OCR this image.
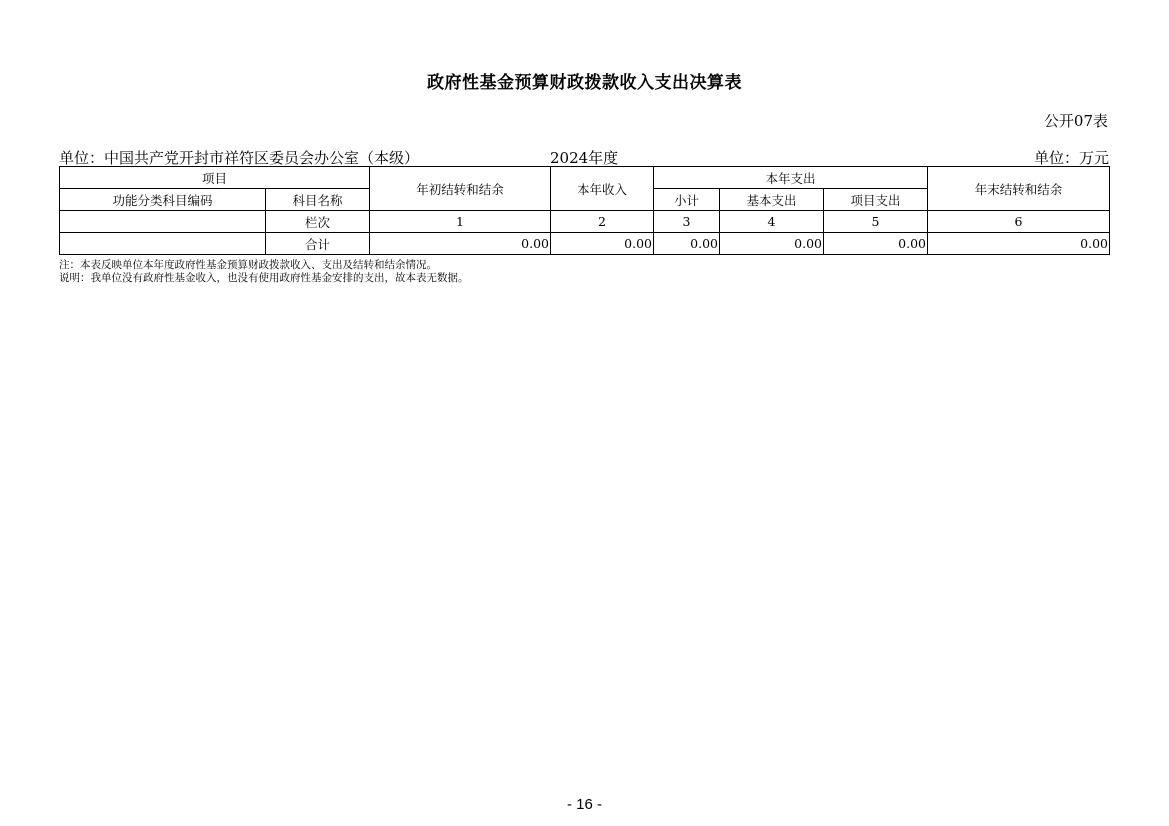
政府性基金预算财政拨款收入支出决算表
公开07表
单位：中国共产党开封市祥符区委员会办公室（本级）	2024年度	单位：万元
项目		年初结转和结余	本年收入	本年支出			年末结转和结余
功能分类科目编码	科目名称			小计	基本支出	项目支出	
	栏次	1	2	3	4	5	6
	合计	0.00	0.00	0.00	0.00	0.00	0.00
注：本表反映单位本年度政府性基金预算财政拨款收入、支出及结转和结余情况。
说明：我单位没有政府性基金收入，也没有使用政府性基金安排的支出，故本表无数据。
- 16 -
